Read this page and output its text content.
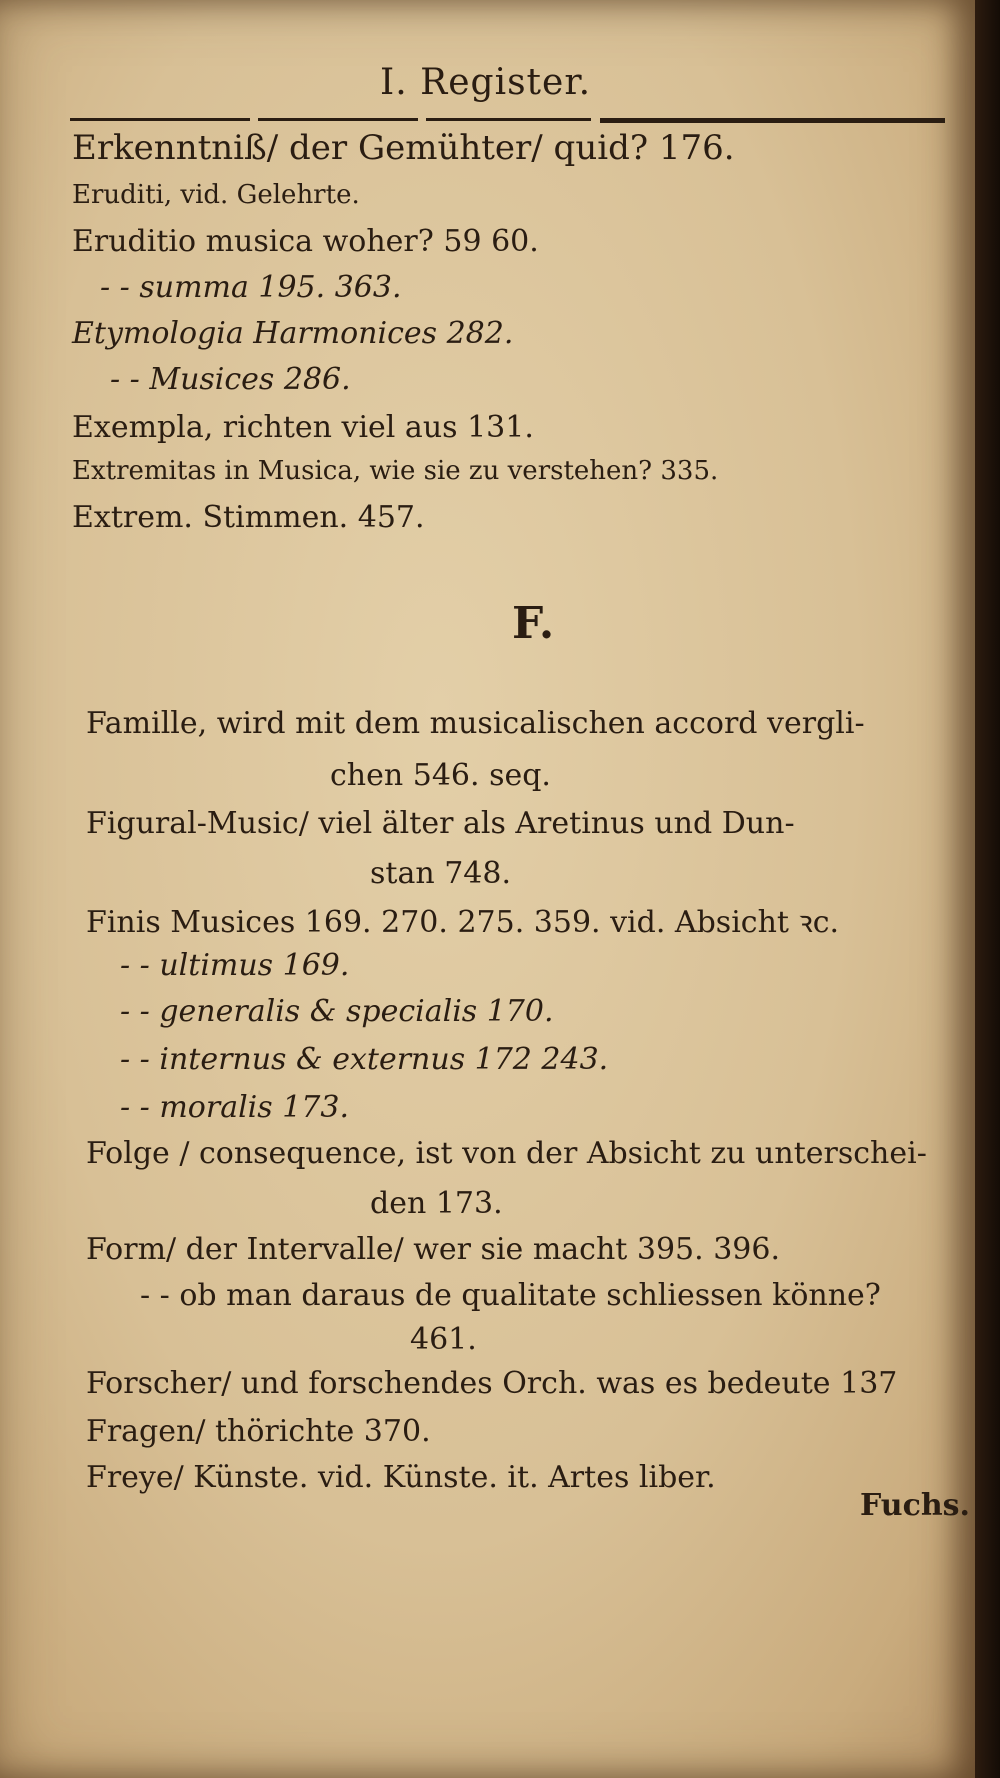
I. Register.
Erkenntniß/ der Gemühter/ quid? 176.
Eruditi, vid. Gelehrte.
Eruditio musica woher? 59 60.
- - summa 195. 363.
Etymologia Harmonices 282.
- - Musices 286.
Exempla, richten viel aus 131.
Extremitas in Musica, wie sie zu verstehen? 335.
Extrem. Stimmen. 457.
F.
Famille, wird mit dem musicalischen accord vergli-
chen 546. seq.
Figural-Music/ viel älter als Aretinus und Dun-
stan 748.
Finis Musices 169. 270. 275. 359. vid. Absicht ꝛc.
- - ultimus 169.
- - generalis & specialis 170.
- - internus & externus 172 243.
- - moralis 173.
Folge / consequence, ist von der Absicht zu unterschei-
den 173.
Form/ der Intervalle/ wer sie macht 395. 396.
- - ob man daraus de qualitate schliessen könne?
461.
Forscher/ und forschendes Orch. was es bedeute 137
Fragen/ thörichte 370.
Freye/ Künste. vid. Künste. it. Artes liber.
Fuchs.
